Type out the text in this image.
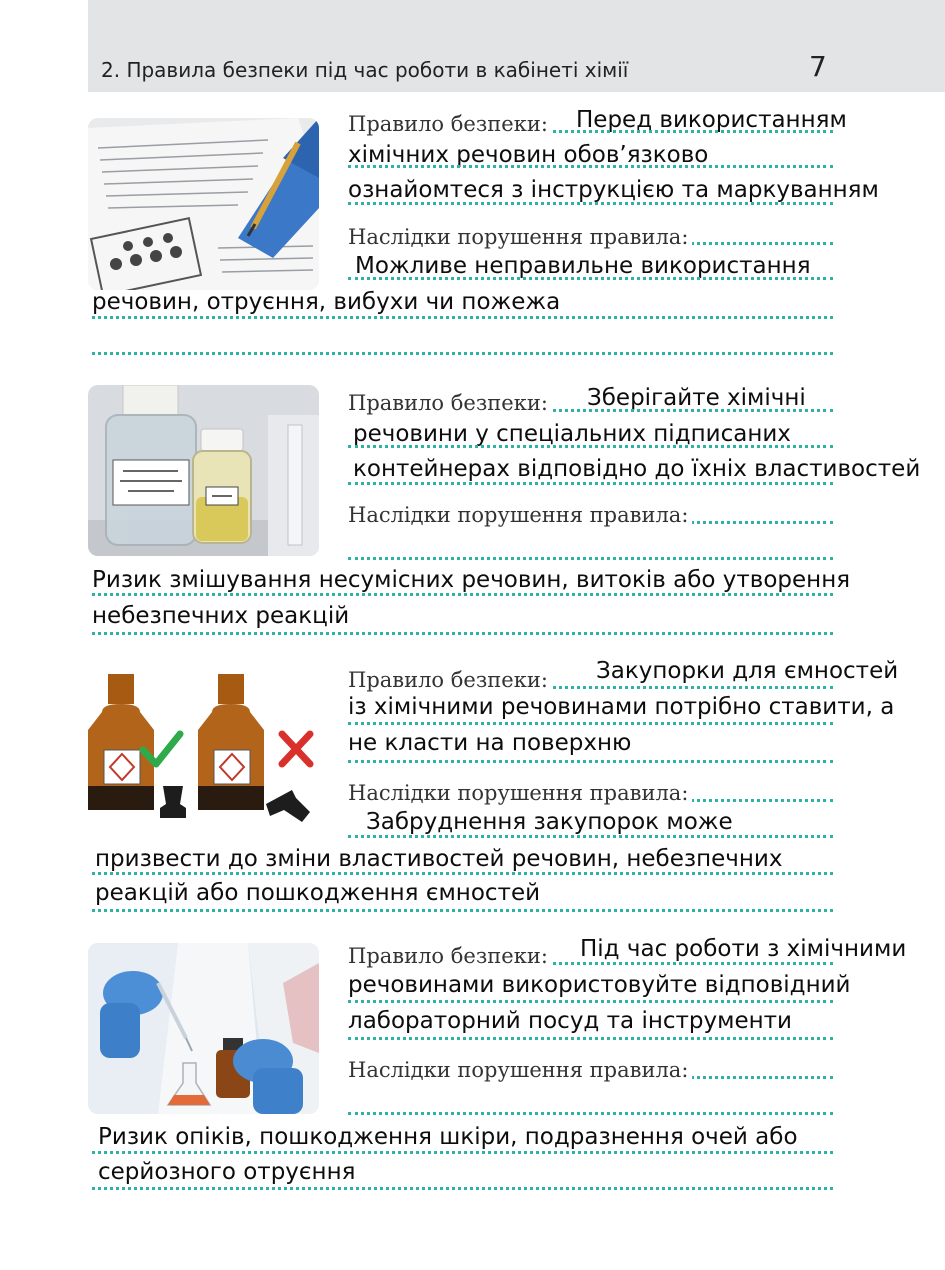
2. Правила безпеки під час роботи в кабінеті хімії	7
Перед використанням
Правило безпеки:
хімічних речовин обов’язково
ознайомтеся з інструкцією та маркуванням
Наслідки порушення правила:
Можливе неправильне використання
речовин, отруєння, вибухи чи пожежа
Зберігайте хімічні
Правило безпеки:
речовини у спеціальних підписаних
контейнерах відповідно до їхніх властивостей
Наслідки порушення правила:
Ризик змішування несумісних речовин, витоків або утворення
небезпечних реакцій
Закупорки для ємностей
Правило безпеки:
із хімічними речовинами потрібно ставити, а
не класти на поверхню
Наслідки порушення правила:
Забруднення закупорок може
призвести до зміни властивостей речовин, небезпечних
реакцій або пошкодження ємностей
Під час роботи з хімічними
Правило безпеки:
речовинами використовуйте відповідний
лабораторний посуд та інструменти
Наслідки порушення правила:
Ризик опіків, пошкодження шкіри, подразнення очей або
серйозного отруєння
